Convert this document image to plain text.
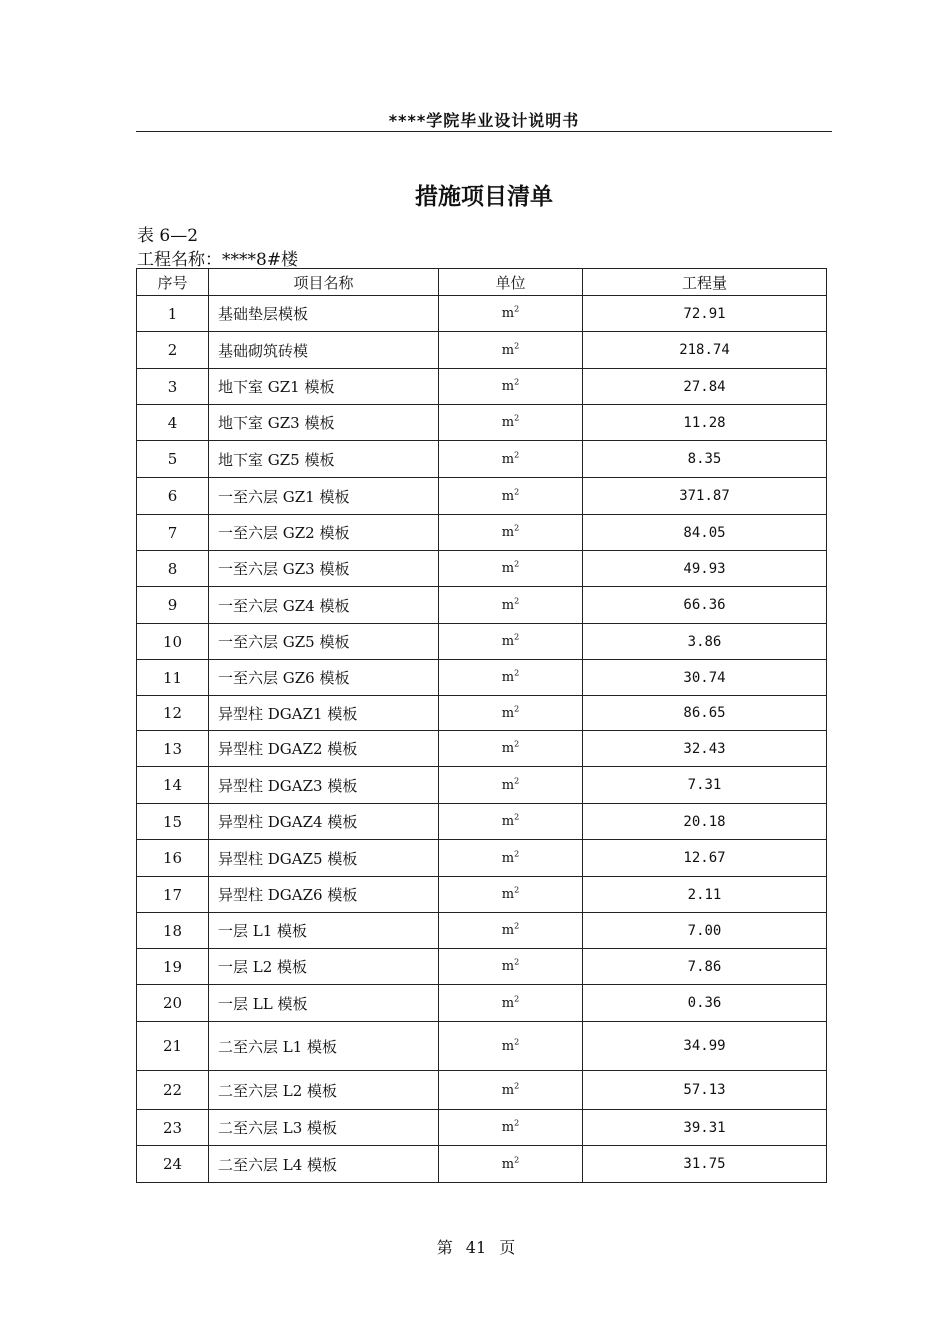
****学院毕业设计说明书
措施项目清单
表 6—2
工程名称：****8#楼
序号	项目名称	单位	工程量
1	基础垫层模板	$m^2$	72.91
2	基础砌筑砖模	$m^2$	218.74
3	地下室 GZ1 模板	$m^2$	27.84
4	地下室 GZ3 模板	$m^2$	11.28
5	地下室 GZ5 模板	$m^2$	8.35
6	一至六层 GZ1 模板	$m^2$	371.87
7	一至六层 GZ2 模板	$m^2$	84.05
8	一至六层 GZ3 模板	$m^2$	49.93
9	一至六层 GZ4 模板	$m^2$	66.36
10	一至六层 GZ5 模板	$m^2$	3.86
11	一至六层 GZ6 模板	$m^2$	30.74
12	异型柱 DGAZ1 模板	$m^2$	86.65
13	异型柱 DGAZ2 模板	$m^2$	32.43
14	异型柱 DGAZ3 模板	$m^2$	7.31
15	异型柱 DGAZ4 模板	$m^2$	20.18
16	异型柱 DGAZ5 模板	$m^2$	12.67
17	异型柱 DGAZ6 模板	$m^2$	2.11
18	一层 L1 模板	$m^2$	7.00
19	一层 L2 模板	$m^2$	7.86
20	一层 LL 模板	$m^2$	0.36
21	二至六层 L1 模板	$m^2$	34.99
22	二至六层 L2 模板	$m^2$	57.13
23	二至六层 L3 模板	$m^2$	39.31
24	二至六层 L4 模板	$m^2$	31.75
第 41 页
